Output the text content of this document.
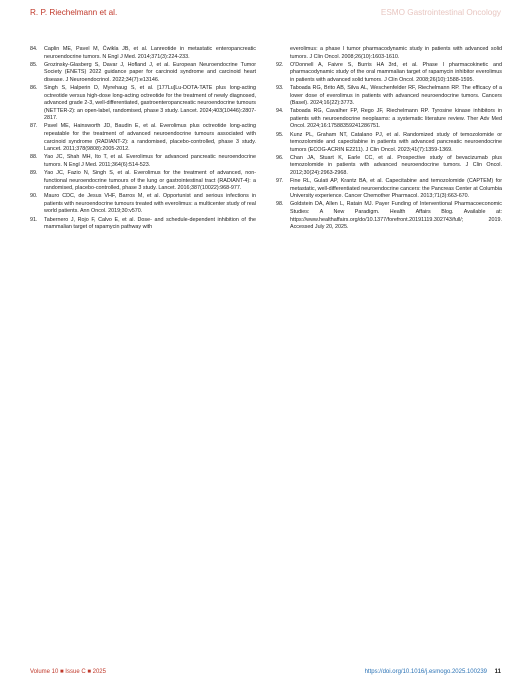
R. P. Riechelmann et al.	ESMO Gastrointestinal Oncology
84.	Caplin ME, Pavel M, Ćwikla JB, et al. Lanreotide in metastatic enteropancreatic neuroendocrine tumors. N Engl J Med. 2014;371(3):224-233.
85.	Grozinsky-Glasberg S, Davar J, Hofland J, et al. European Neuroendocrine Tumor Society (ENETS) 2022 guidance paper for carcinoid syndrome and carcinoid heart disease. J Neuroendocrinol. 2022;34(7):e13146.
86.	Singh S, Halperin D, Myrehaug S, et al. [177Lu]Lu-DOTA-TATE plus long-acting octreotide versus high-dose long-acting octreotide for the treatment of newly diagnosed, advanced grade 2-3, well-differentiated, gastroenteropancreatic neuroendocrine tumours (NETTER-2): an open-label, randomised, phase 3 study. Lancet. 2024;403(10446):2807-2817.
87.	Pavel ME, Hainsworth JD, Baudin E, et al. Everolimus plus octreotide long-acting repeatable for the treatment of advanced neuroendocrine tumours associated with carcinoid syndrome (RADIANT-2): a randomised, placebo-controlled, phase 3 study. Lancet. 2011;378(9808):2005-2012.
88.	Yao JC, Shah MH, Ito T, et al. Everolimus for advanced pancreatic neuroendocrine tumors. N Engl J Med. 2011;364(6):514-523.
89.	Yao JC, Fazio N, Singh S, et al. Everolimus for the treatment of advanced, non-functional neuroendocrine tumours of the lung or gastrointestinal tract (RADIANT-4): a randomised, placebo-controlled, phase 3 study. Lancet. 2016;387(10022):968-977.
90.	Mauro CDC, de Jesus VHF, Barros M, et al. Opportunist and serious infections in patients with neuroendocrine tumours treated with everolimus: a multicenter study of real world patients. Ann Oncol. 2019;30:v570.
91.	Tabernero J, Rojo F, Calvo E, et al. Dose- and schedule-dependent inhibition of the mammalian target of rapamycin pathway with
everolimus: a phase I tumor pharmacodynamic study in patients with advanced solid tumors. J Clin Oncol. 2008;26(10):1603-1610.
92.	O'Donnell A, Faivre S, Burris HA 3rd, et al. Phase I pharmacokinetic and pharmacodynamic study of the oral mammalian target of rapamycin inhibitor everolimus in patients with advanced solid tumors. J Clin Oncol. 2008;26(10):1588-1595.
93.	Taboada RG, Brito AB, Silva AL, Weschenfelder RF, Riechelmann RP. The efficacy of a lower dose of everolimus in patients with advanced neuroendocrine tumors. Cancers (Basel). 2024;16(22):3773.
94.	Taboada RG, Cavalher FP, Rego JF, Riechelmann RP. Tyrosine kinase inhibitors in patients with neuroendocrine neoplasms: a systematic literature review. Ther Adv Med Oncol. 2024;16:17588359241286751.
95.	Kunz PL, Graham NT, Catalano PJ, et al. Randomized study of temozolomide or temozolomide and capecitabine in patients with advanced pancreatic neuroendocrine tumors (ECOG-ACRIN E2211). J Clin Oncol. 2023;41(7):1359-1369.
96.	Chan JA, Stuart K, Earle CC, et al. Prospective study of bevacizumab plus temozolomide in patients with advanced neuroendocrine tumors. J Clin Oncol. 2012;30(24):2963-2968.
97.	Fine RL, Gulati AP, Krantz BA, et al. Capecitabine and temozolomide (CAPTEM) for metastatic, well-differentiated neuroendocrine cancers: the Pancreas Center at Columbia University experience. Cancer Chemother Pharmacol. 2013;71(3):663-670.
98.	Goldstein DA, Allen L, Ratain MJ. Payer Funding of Interventional Pharmacoeconomic Studies: A New Paradigm. Health Affairs Blog. Available at: https://www.healthaffairs.org/do/10.1377/forefront.20191119.302743/full/; 2019. Accessed July 20, 2025.
Volume 10 ■ Issue C ■ 2025	https://doi.org/10.1016/j.esmogo.2025.100239 11
